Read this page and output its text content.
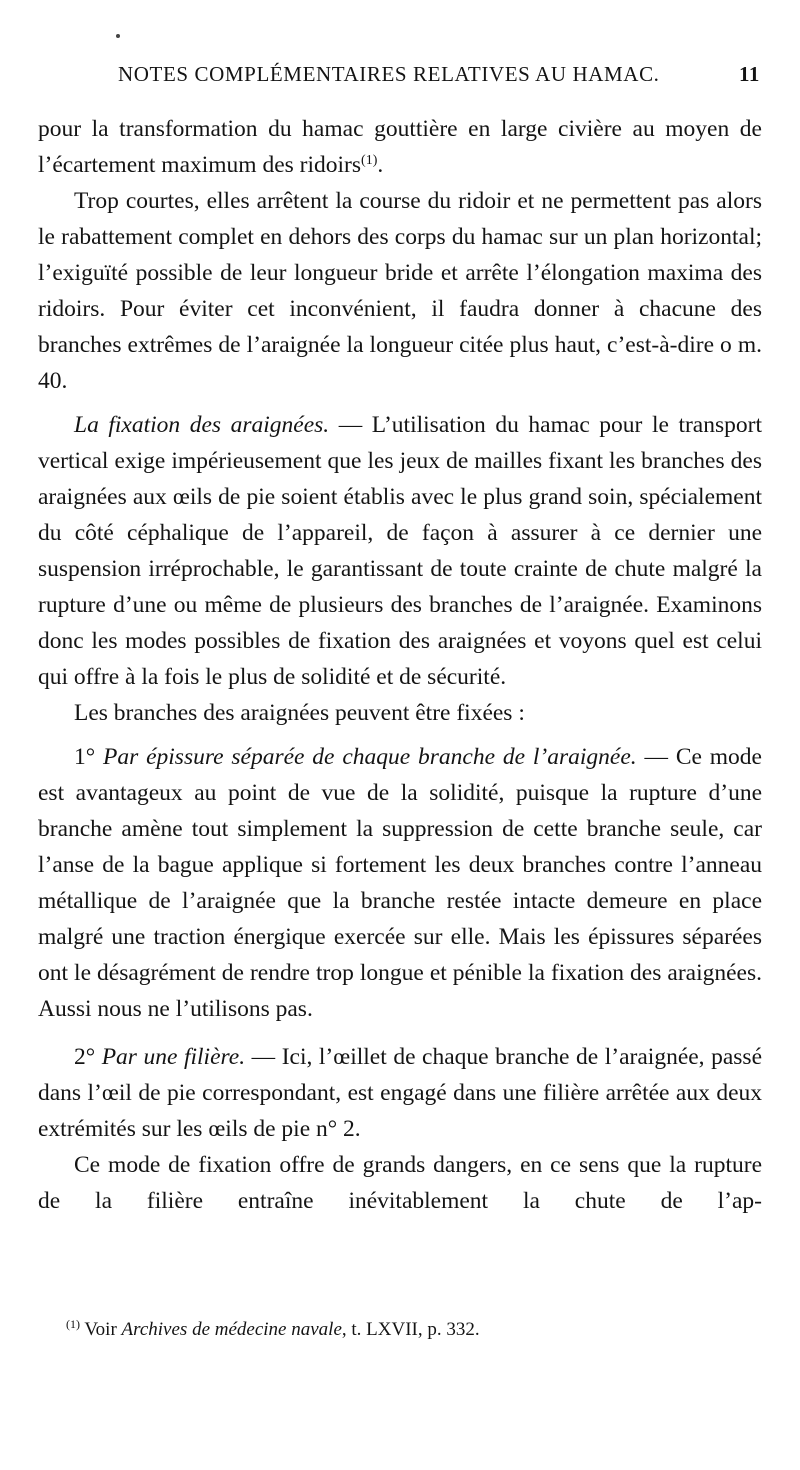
NOTES COMPLÉMENTAIRES RELATIVES AU HAMAC.	11

pour la transformation du hamac gouttière en large civière au moyen de l’écartement maximum des ridoirs$^{(1)}$.

Trop courtes, elles arrêtent la course du ridoir et ne permettent pas alors le rabattement complet en dehors des corps du hamac sur un plan horizontal; l’exiguïté possible de leur longueur bride et arrête l’élongation maxima des ridoirs. Pour éviter cet inconvénient, il faudra donner à chacune des branches extrêmes de l’araignée la longueur citée plus haut, c’est-à-dire o m. 40.

La fixation des araignées. — L’utilisation du hamac pour le transport vertical exige impérieusement que les jeux de mailles fixant les branches des araignées aux œils de pie soient établis avec le plus grand soin, spécialement du côté céphalique de l’appareil, de façon à assurer à ce dernier une suspension irréprochable, le garantissant de toute crainte de chute malgré la rupture d’une ou même de plusieurs des branches de l’araignée. Examinons donc les modes possibles de fixation des araignées et voyons quel est celui qui offre à la fois le plus de solidité et de sécurité.

Les branches des araignées peuvent être fixées :

1° Par épissure séparée de chaque branche de l’araignée. — Ce mode est avantageux au point de vue de la solidité, puisque la rupture d’une branche amène tout simplement la suppression de cette branche seule, car l’anse de la bague applique si fortement les deux branches contre l’anneau métallique de l’araignée que la branche restée intacte demeure en place malgré une traction énergique exercée sur elle. Mais les épissures séparées ont le désagrément de rendre trop longue et pénible la fixation des araignées. Aussi nous ne l’utilisons pas.

2° Par une filière. — Ici, l’œillet de chaque branche de l’araignée, passé dans l’œil de pie correspondant, est engagé dans une filière arrêtée aux deux extrémités sur les œils de pie n° 2.

Ce mode de fixation offre de grands dangers, en ce sens que la rupture de la filière entraîne inévitablement la chute de l’ap-

$^{(1)}$ Voir Archives de médecine navale, t. LXVII, p. 332.
